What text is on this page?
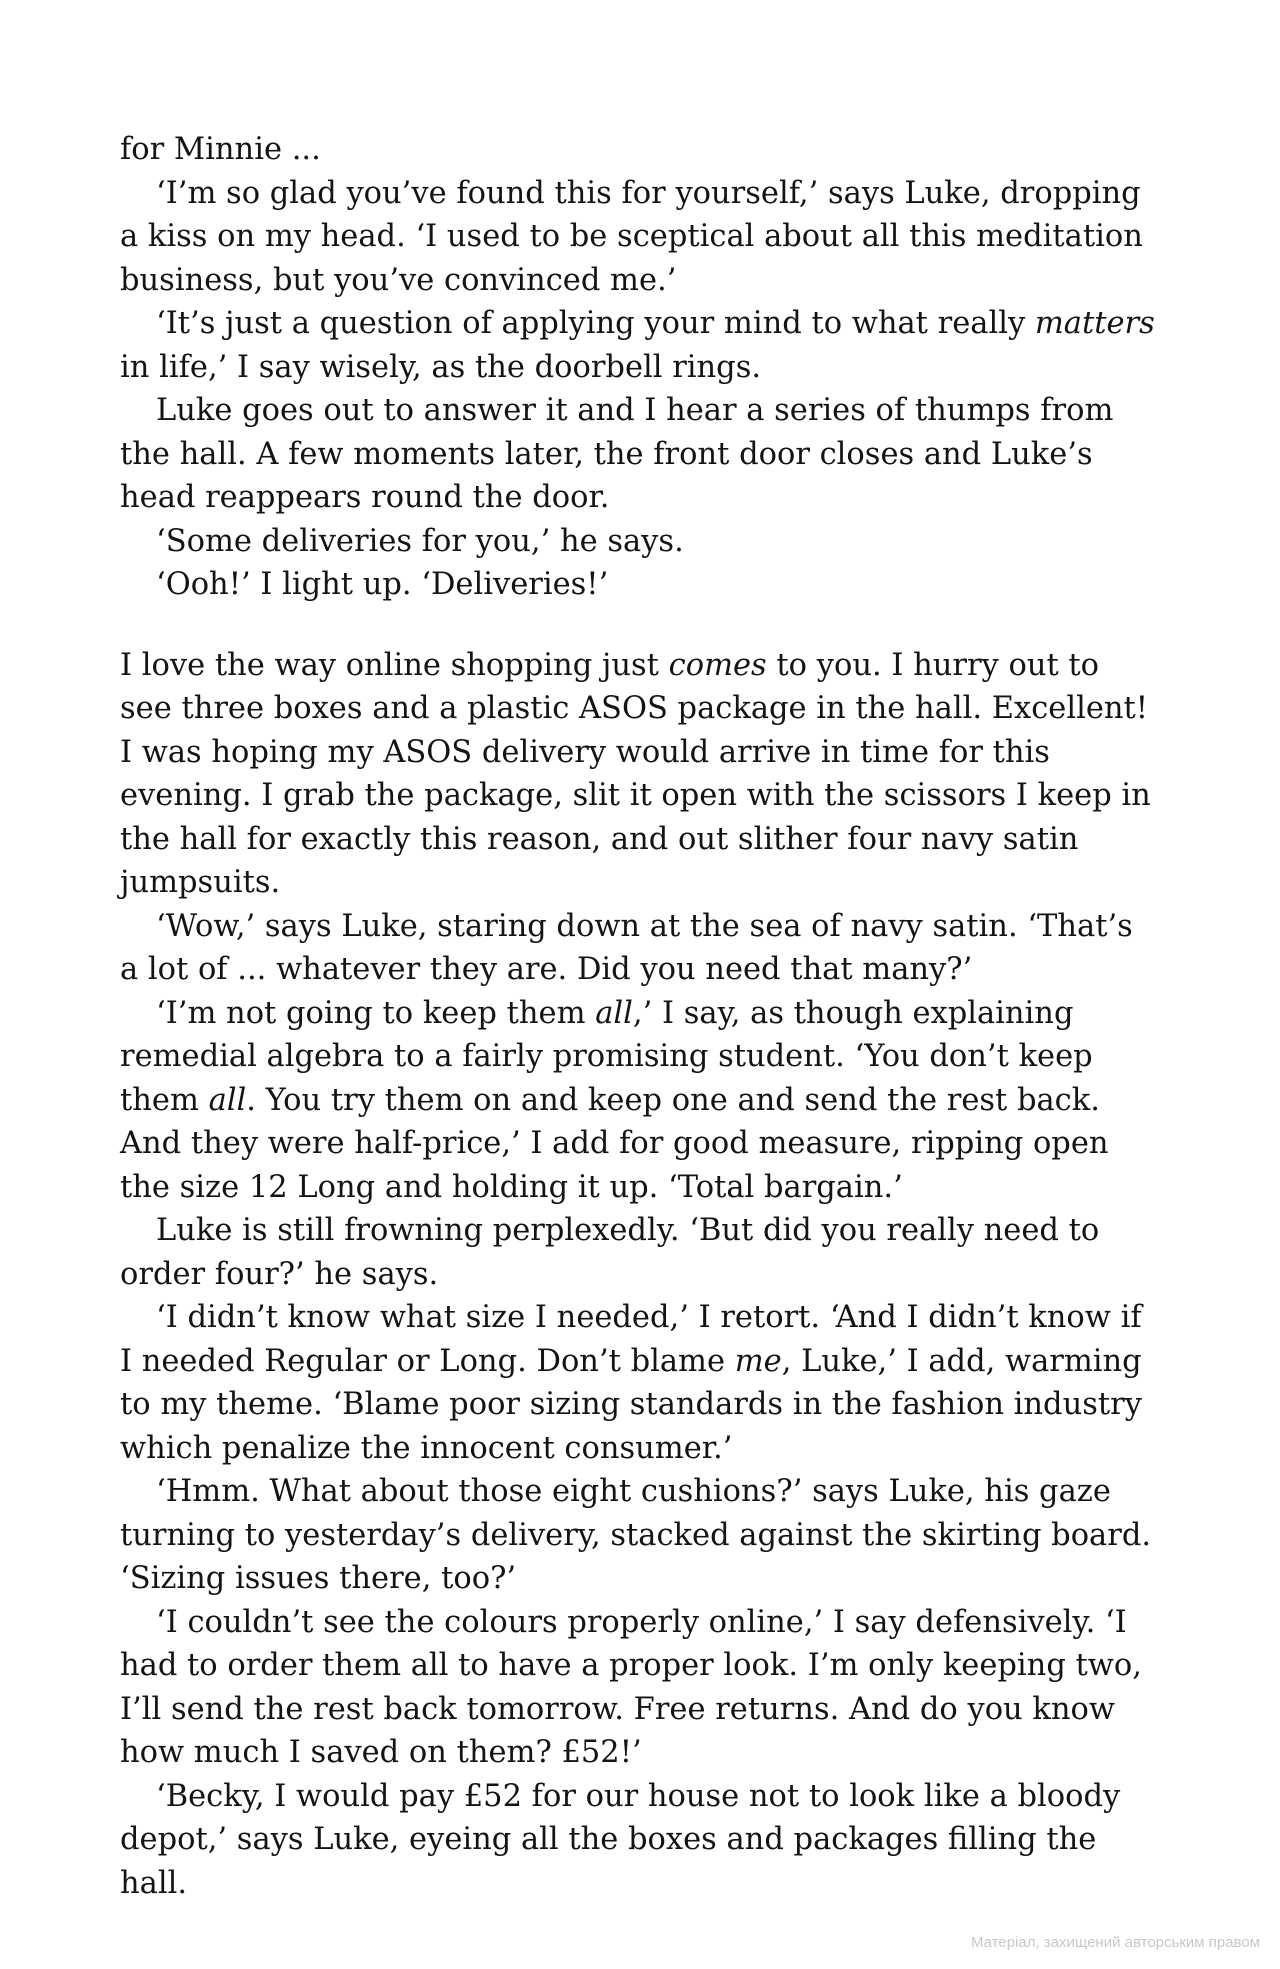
for Minnie ...

‘I’m so glad you’ve found this for yourself,’ says Luke, dropping a kiss on my head. ‘I used to be sceptical about all this meditation business, but you’ve convinced me.’

‘It’s just a question of applying your mind to what really matters in life,’ I say wisely, as the doorbell rings.

Luke goes out to answer it and I hear a series of thumps from the hall. A few moments later, the front door closes and Luke’s head reappears round the door.

‘Some deliveries for you,’ he says.

‘Ooh!’ I light up. ‘Deliveries!’

I love the way online shopping just comes to you. I hurry out to see three boxes and a plastic ASOS package in the hall. Excellent! I was hoping my ASOS delivery would arrive in time for this evening. I grab the package, slit it open with the scissors I keep in the hall for exactly this reason, and out slither four navy satin jumpsuits.

‘Wow,’ says Luke, staring down at the sea of navy satin. ‘That’s a lot of ... whatever they are. Did you need that many?’

‘I’m not going to keep them all,’ I say, as though explaining remedial algebra to a fairly promising student. ‘You don’t keep them all. You try them on and keep one and send the rest back. And they were half-price,’ I add for good measure, ripping open the size 12 Long and holding it up. ‘Total bargain.’

Luke is still frowning perplexedly. ‘But did you really need to order four?’ he says.

‘I didn’t know what size I needed,’ I retort. ‘And I didn’t know if I needed Regular or Long. Don’t blame me, Luke,’ I add, warming to my theme. ‘Blame poor sizing standards in the fashion industry which penalize the innocent consumer.’

‘Hmm. What about those eight cushions?’ says Luke, his gaze turning to yesterday’s delivery, stacked against the skirting board. ‘Sizing issues there, too?’

‘I couldn’t see the colours properly online,’ I say defensively. ‘I had to order them all to have a proper look. I’m only keeping two, I’ll send the rest back tomorrow. Free returns. And do you know how much I saved on them? £52!’

‘Becky, I would pay £52 for our house not to look like a bloody depot,’ says Luke, eyeing all the boxes and packages filling the hall.

Матеріал, захищений авторським правом
